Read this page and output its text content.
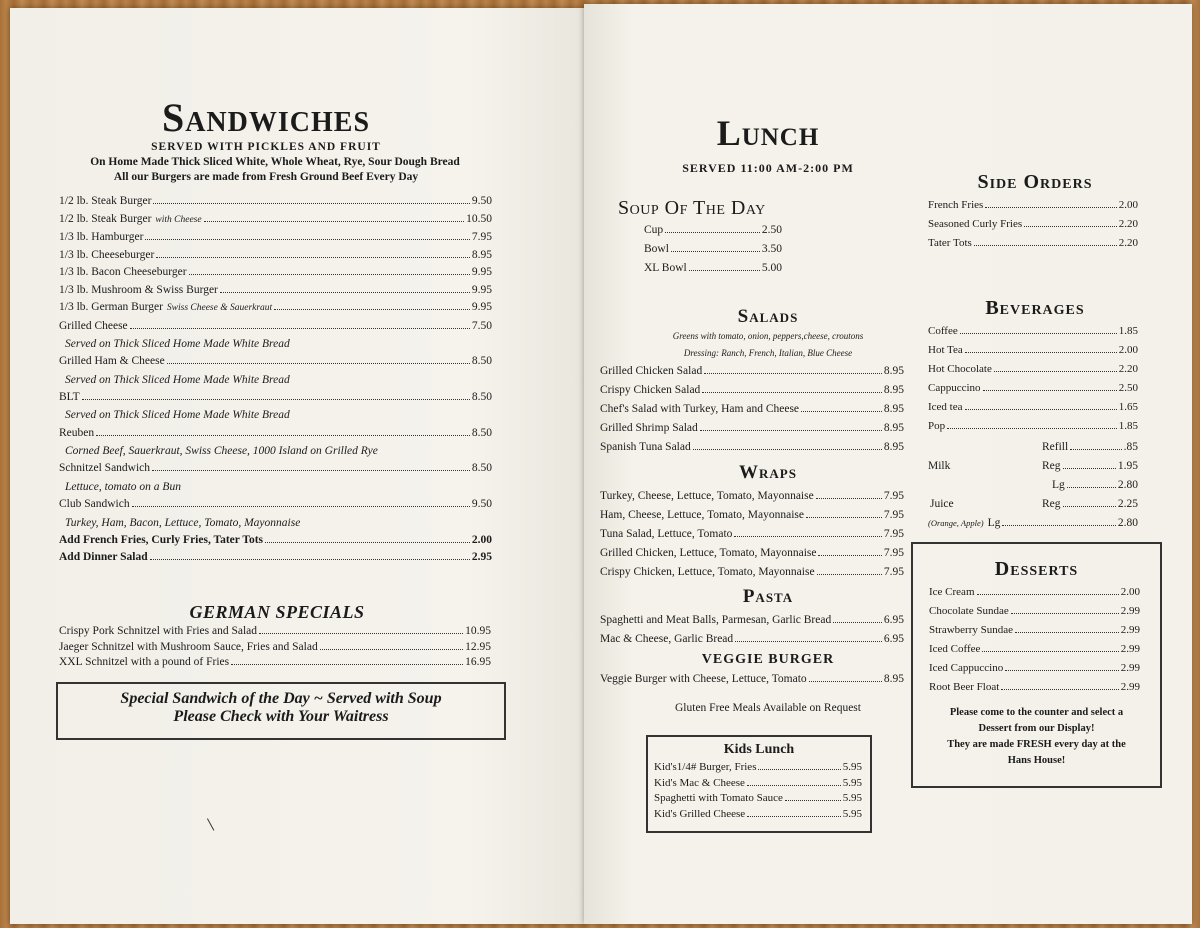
Sandwiches
SERVED WITH PICKLES AND FRUIT
On Home Made Thick Sliced White, Whole Wheat, Rye, Sour Dough Bread
All our Burgers are made from Fresh Ground Beef Every Day
1/2 lb. Steak Burger	9.50
1/2 lb. Steak Burger with Cheese	10.50
1/3 lb. Hamburger	7.95
1/3 lb. Cheeseburger	8.95
1/3 lb. Bacon Cheeseburger	9.95
1/3 lb. Mushroom & Swiss Burger	9.95
1/3 lb. German Burger Swiss Cheese & Sauerkraut	9.95
Grilled Cheese	7.50
Served on Thick Sliced Home Made White Bread
Grilled Ham & Cheese	8.50
Served on Thick Sliced Home Made White Bread
BLT	8.50
Served on Thick Sliced Home Made White Bread
Reuben	8.50
Corned Beef, Sauerkraut, Swiss Cheese, 1000 Island on Grilled Rye
Schnitzel Sandwich	8.50
Lettuce, tomato on a Bun
Club Sandwich	9.50
Turkey, Ham, Bacon, Lettuce, Tomato, Mayonnaise
Add French Fries, Curly Fries, Tater Tots	2.00
Add Dinner Salad	2.95
GERMAN SPECIALS
Crispy Pork Schnitzel with Fries and Salad	10.95
Jaeger Schnitzel with Mushroom Sauce, Fries and Salad	12.95
XXL Schnitzel with a pound of Fries	16.95
Special Sandwich of the Day ~ Served with Soup
Please Check with Your Waitress
\
Lunch
SERVED 11:00 AM-2:00 PM
Soup Of The Day
Cup	2.50
Bowl	3.50
XL Bowl	5.00
Salads
Greens with tomato, onion, peppers,cheese, croutons
Dressing: Ranch, French, Italian, Blue Cheese
Grilled Chicken Salad	8.95
Crispy Chicken Salad	8.95
Chef's Salad with Turkey, Ham and Cheese	8.95
Grilled Shrimp Salad	8.95
Spanish Tuna Salad	8.95
Wraps
Turkey, Cheese, Lettuce, Tomato, Mayonnaise	7.95
Ham, Cheese, Lettuce, Tomato, Mayonnaise	7.95
Tuna Salad, Lettuce, Tomato	7.95
Grilled Chicken, Lettuce, Tomato, Mayonnaise	7.95
Crispy Chicken, Lettuce, Tomato, Mayonnaise	7.95
Pasta
Spaghetti and Meat Balls, Parmesan, Garlic Bread	6.95
Mac & Cheese, Garlic Bread	6.95
VEGGIE BURGER
Veggie Burger with Cheese, Lettuce, Tomato	8.95
Gluten Free Meals Available on Request
Kids Lunch
Kid's1/4# Burger, Fries	5.95
Kid's Mac & Cheese	5.95
Spaghetti with Tomato Sauce	5.95
Kid's Grilled Cheese	5.95
Side Orders
French Fries	2.00
Seasoned Curly Fries	2.20
Tater Tots	2.20
Beverages
Coffee	1.85
Hot Tea	2.00
Hot Chocolate	2.20
Cappuccino	2.50
Iced tea	1.65
Pop	1.85
Refill	.85
Milk	Reg	1.95
Lg	2.80
Juice	Reg	2.25
(Orange, Apple) Lg	2.80
Desserts
Ice Cream	2.00
Chocolate Sundae	2.99
Strawberry Sundae	2.99
Iced Coffee	2.99
Iced Cappuccino	2.99
Root Beer Float	2.99
Please come to the counter and select a
Dessert from our Display!
They are made FRESH every day at the
Hans House!
